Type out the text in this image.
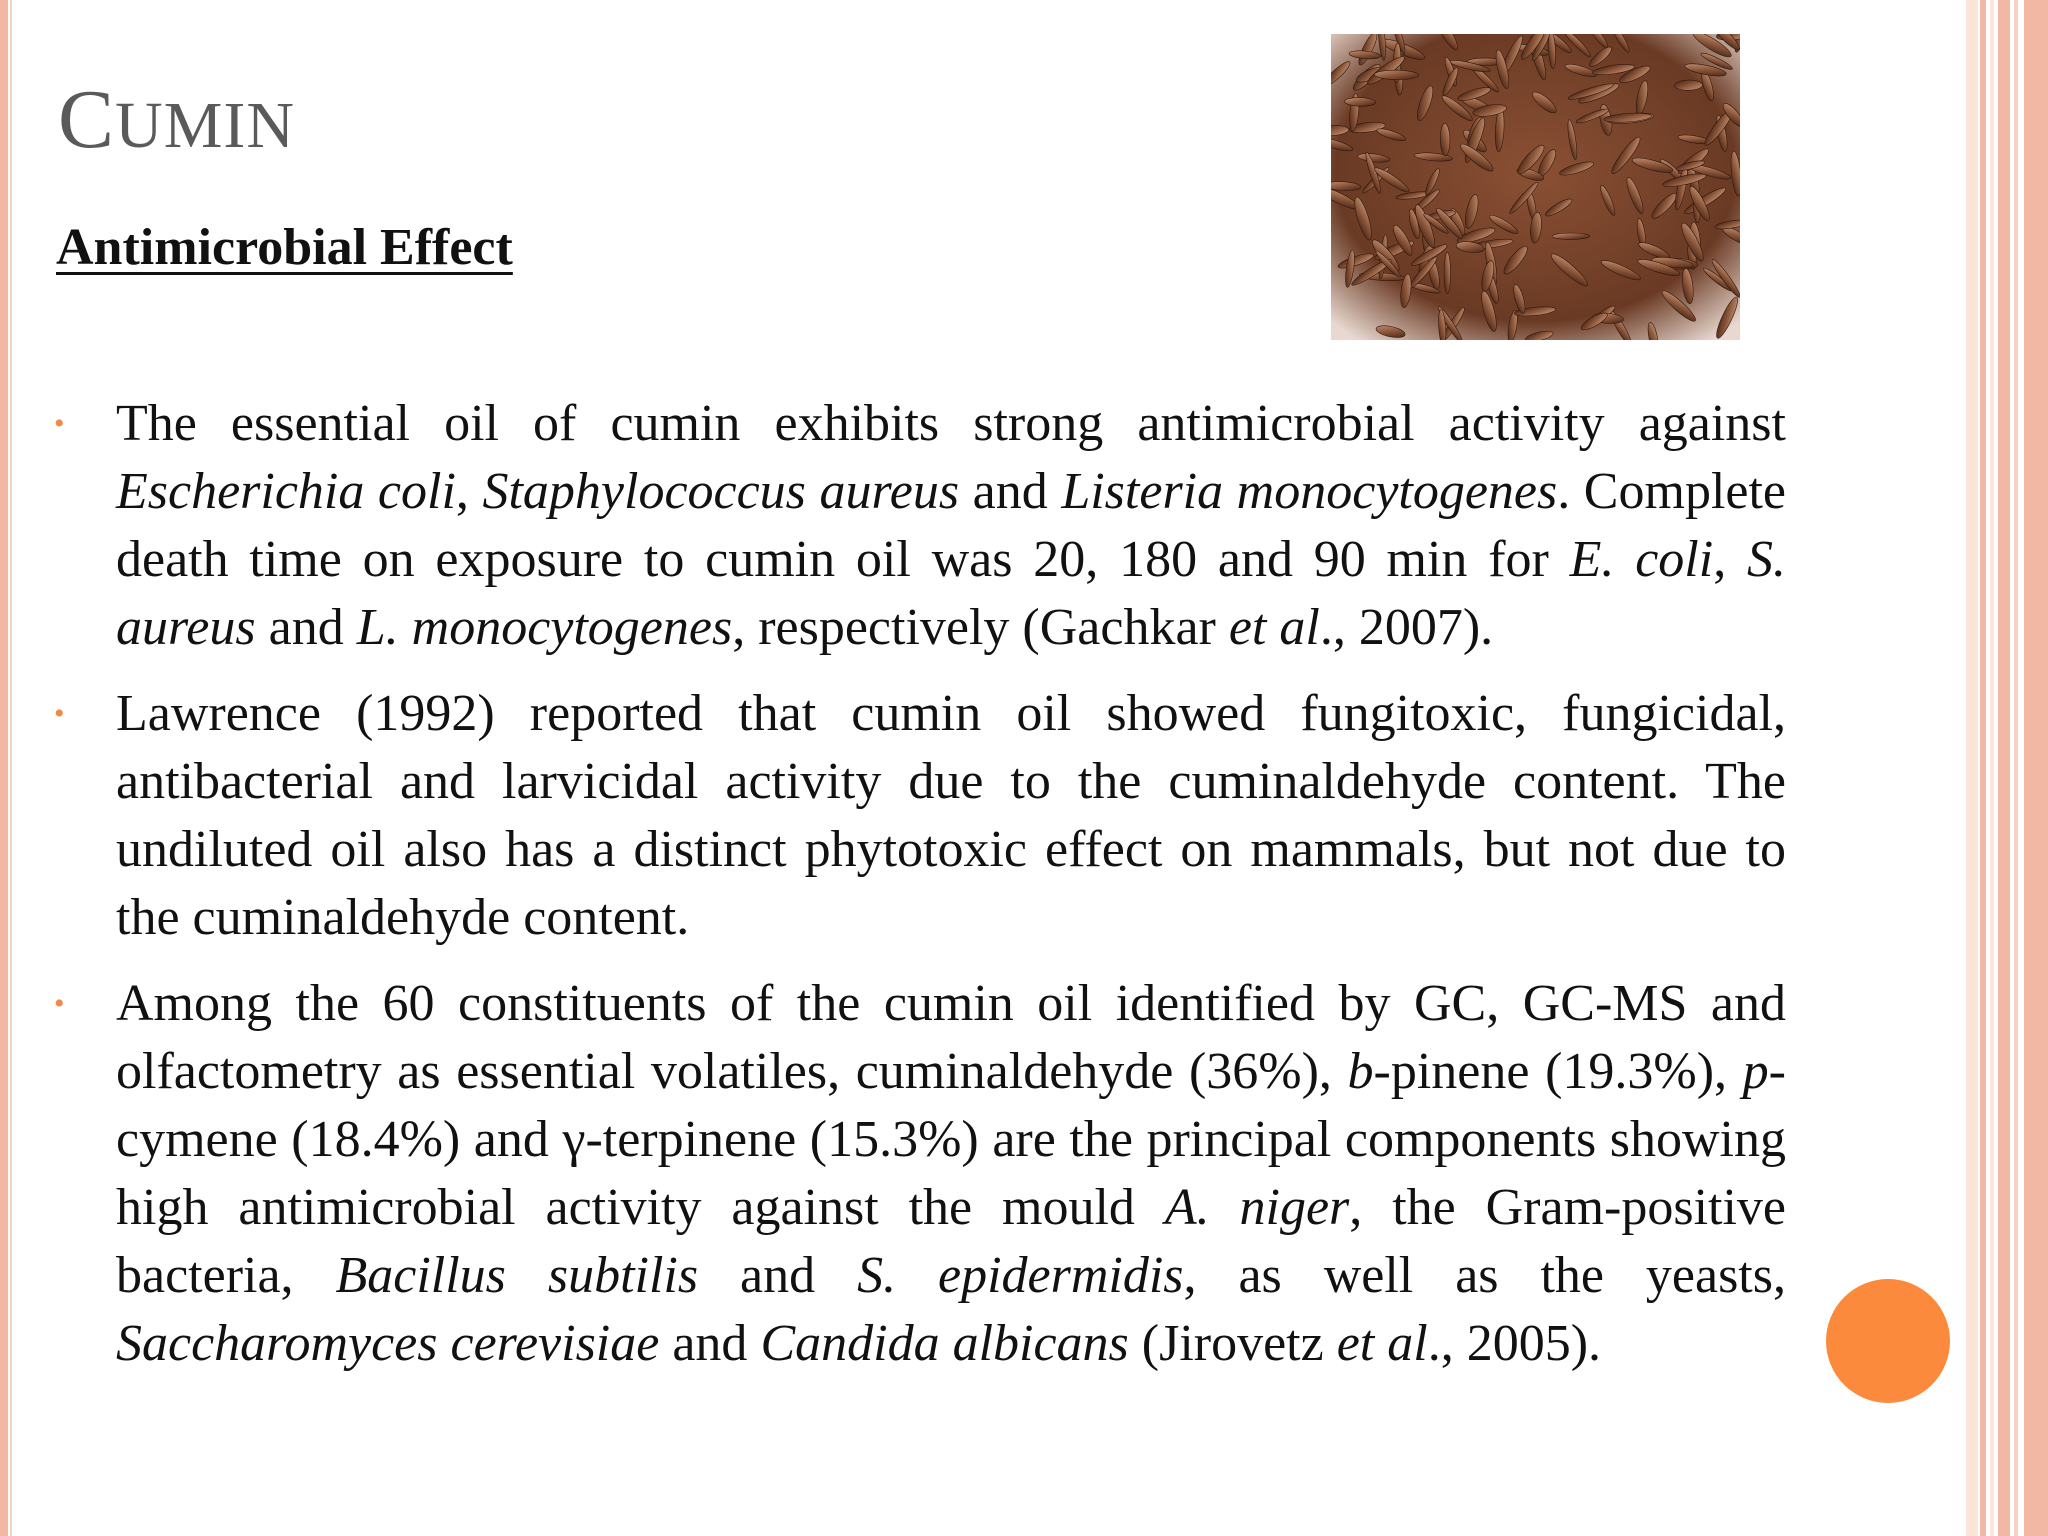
CUMIN
Antimicrobial Effect
• The essential oil of cumin exhibits strong antimicrobial activity against Escherichia coli, Staphylococcus aureus and Listeria monocytogenes. Complete death time on exposure to cumin oil was 20, 180 and 90 min for E. coli, S. aureus and L. monocytogenes, respectively (Gachkar et al., 2007).
• Lawrence (1992) reported that cumin oil showed fungitoxic, fungicidal, antibacterial and larvicidal activity due to the cuminaldehyde content. The undiluted oil also has a distinct phytotoxic effect on mammals, but not due to the cuminaldehyde content.
• Among the 60 constituents of the cumin oil identified by GC, GC-MS and olfactometry as essential volatiles, cuminaldehyde (36%), b-pinene (19.3%), p-cymene (18.4%) and γ-terpinene (15.3%) are the principal components showing high antimicrobial activity against the mould A. niger, the Gram-positive bacteria, Bacillus subtilis and S. epidermidis, as well as the yeasts, Saccharomyces cerevisiae and Candida albicans (Jirovetz et al., 2005).
